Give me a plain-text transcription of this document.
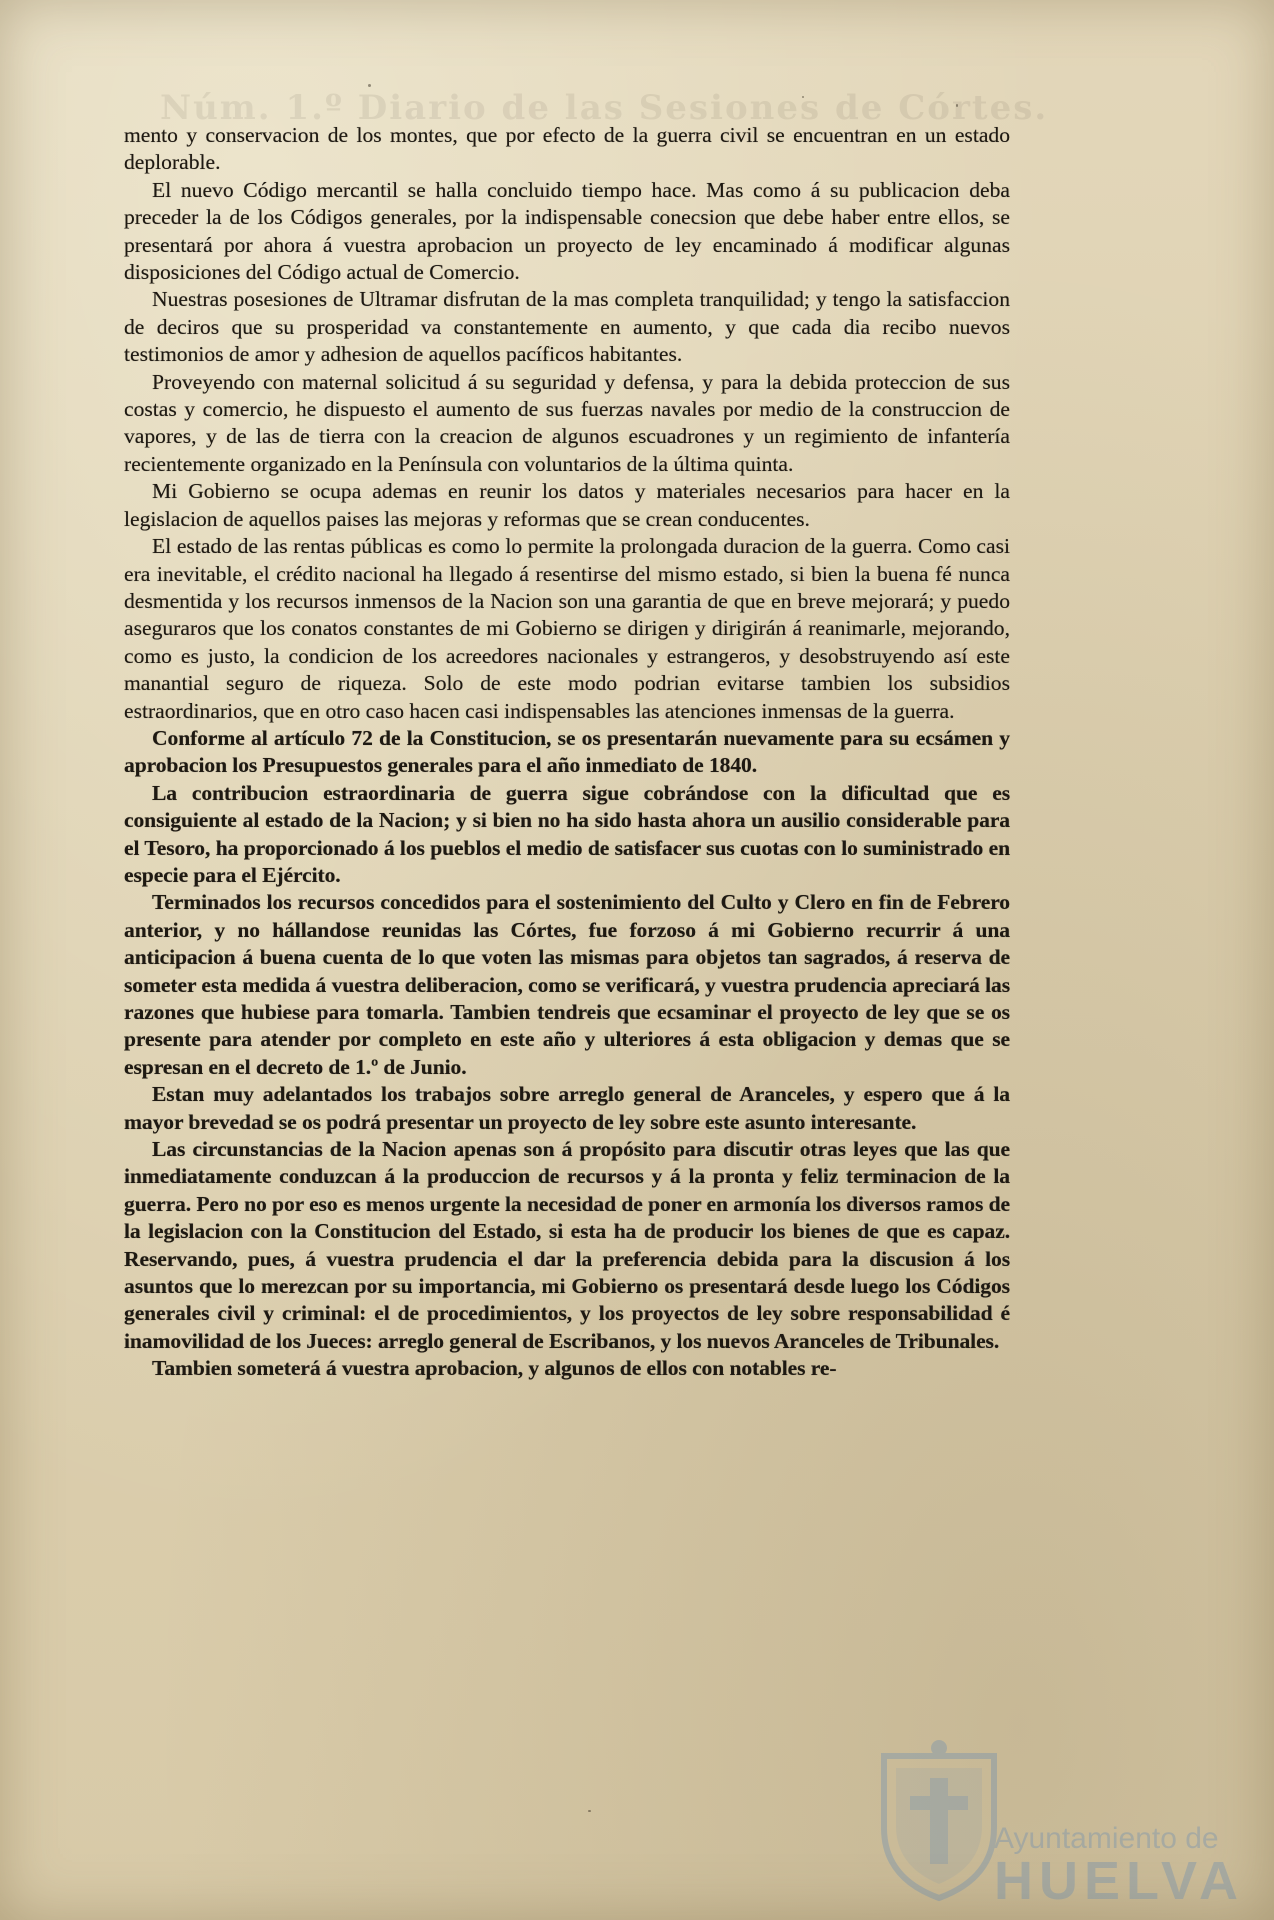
Núm. 1.º Diario de las Sesiones de Córtes.

mento y conservacion de los montes, que por efecto de la guerra civil se encuentran en un estado deplorable.

El nuevo Código mercantil se halla concluido tiempo hace. Mas como á su publicacion deba preceder la de los Códigos generales, por la indispensable conecsion que debe haber entre ellos, se presentará por ahora á vuestra aprobacion un proyecto de ley encaminado á modificar algunas disposiciones del Código actual de Comercio.

Nuestras posesiones de Ultramar disfrutan de la mas completa tranquilidad; y tengo la satisfaccion de deciros que su prosperidad va constantemente en aumento, y que cada dia recibo nuevos testimonios de amor y adhesion de aquellos pacíficos habitantes.

Proveyendo con maternal solicitud á su seguridad y defensa, y para la debida proteccion de sus costas y comercio, he dispuesto el aumento de sus fuerzas navales por medio de la construccion de vapores, y de las de tierra con la creacion de algunos escuadrones y un regimiento de infantería recientemente organizado en la Península con voluntarios de la última quinta.

Mi Gobierno se ocupa ademas en reunir los datos y materiales necesarios para hacer en la legislacion de aquellos paises las mejoras y reformas que se crean conducentes.

El estado de las rentas públicas es como lo permite la prolongada duracion de la guerra. Como casi era inevitable, el crédito nacional ha llegado á resentirse del mismo estado, si bien la buena fé nunca desmentida y los recursos inmensos de la Nacion son una garantia de que en breve mejorará; y puedo aseguraros que los conatos constantes de mi Gobierno se dirigen y dirigirán á reanimarle, mejorando, como es justo, la condicion de los acreedores nacionales y estrangeros, y desobstruyendo así este manantial seguro de riqueza. Solo de este modo podrian evitarse tambien los subsidios estraordinarios, que en otro caso hacen casi indispensables las atenciones inmensas de la guerra.

Conforme al artículo 72 de la Constitucion, se os presentarán nuevamente para su ecsámen y aprobacion los Presupuestos generales para el año inmediato de 1840.

La contribucion estraordinaria de guerra sigue cobrándose con la dificultad que es consiguiente al estado de la Nacion; y si bien no ha sido hasta ahora un ausilio considerable para el Tesoro, ha proporcionado á los pueblos el medio de satisfacer sus cuotas con lo suministrado en especie para el Ejército.

Terminados los recursos concedidos para el sostenimiento del Culto y Clero en fin de Febrero anterior, y no hállandose reunidas las Córtes, fue forzoso á mi Gobierno recurrir á una anticipacion á buena cuenta de lo que voten las mismas para objetos tan sagrados, á reserva de someter esta medida á vuestra deliberacion, como se verificará, y vuestra prudencia apreciará las razones que hubiese para tomarla. Tambien tendreis que ecsaminar el proyecto de ley que se os presente para atender por completo en este año y ulteriores á esta obligacion y demas que se espresan en el decreto de 1.º de Junio.

Estan muy adelantados los trabajos sobre arreglo general de Aranceles, y espero que á la mayor brevedad se os podrá presentar un proyecto de ley sobre este asunto interesante.

Las circunstancias de la Nacion apenas son á propósito para discutir otras leyes que las que inmediatamente conduzcan á la produccion de recursos y á la pronta y feliz terminacion de la guerra. Pero no por eso es menos urgente la necesidad de poner en armonía los diversos ramos de la legislacion con la Constitucion del Estado, si esta ha de producir los bienes de que es capaz. Reservando, pues, á vuestra prudencia el dar la preferencia debida para la discusion á los asuntos que lo merezcan por su importancia, mi Gobierno os presentará desde luego los Códigos generales civil y criminal: el de procedimientos, y los proyectos de ley sobre responsabilidad é inamovilidad de los Jueces: arreglo general de Escribanos, y los nuevos Aranceles de Tribunales.

Tambien someterá á vuestra aprobacion, y algunos de ellos con notables re-

Ayuntamiento de
HUELVA
